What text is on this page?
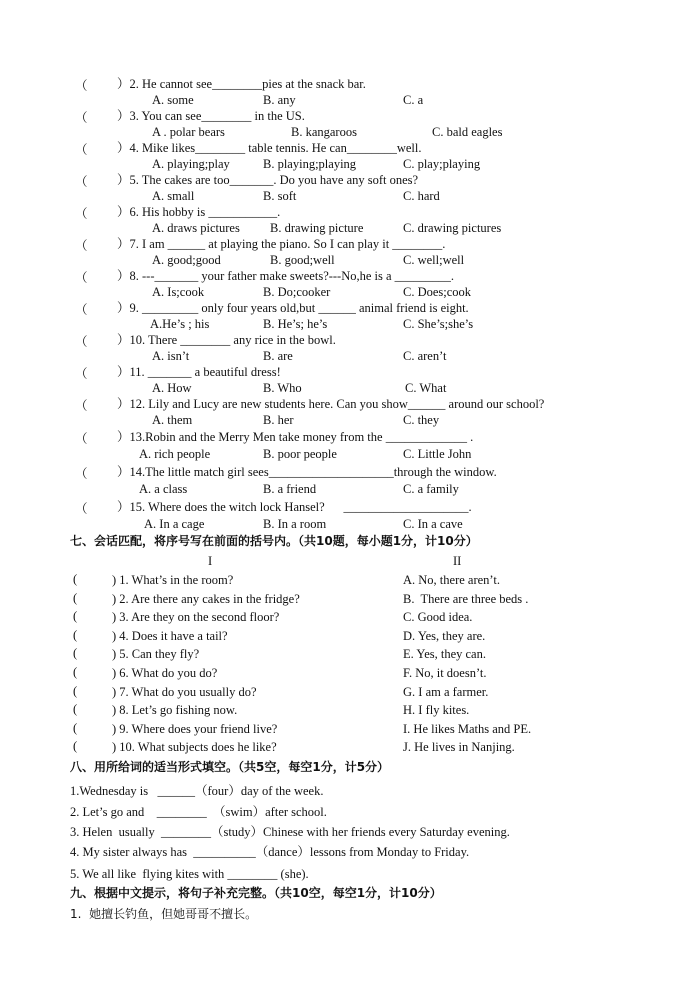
（ ）2. He cannot see________pies at the snack bar.
A. some	B. any	C. a
（ ）3. You can see________ in the US.
A . polar bears	B. kangaroos	C. bald eagles
（ ）4. Mike likes________ table tennis. He can________well.
A. playing;play	B. playing;playing	C. play;playing
（ ）5. The cakes are too_______. Do you have any soft ones?
A. small	B. soft	C. hard
（ ）6. His hobby is ___________.
A. draws pictures B. drawing picture	C. drawing pictures
（ ）7. I am ______ at playing the piano. So I can play it ________.
A. good;good	B. good;well	C. well;well
（ ）8. ---_______ your father make sweets?---No,he is a _________.
A. Is;cook	B. Do;cooker	C. Does;cook
（ ）9. _________ only four years old,but ______ animal friend is eight.
A.He’s ; his	B. He’s; he’s	C. She’s;she’s
（ ）10. There ________ any rice in the bowl.
A. isn’t	B. are	C. aren’t
（ ）11. _______ a beautiful dress!
A. How	B. Who	C. What
（ ）12. Lily and Lucy are new students here. Can you show______ around our school?
A. them	B. her	C. they
（ ）13.Robin and the Merry Men take money from the _____________ .
A. rich people	B. poor people	C. Little John
（ ）14.The little match girl sees____________________through the window.
A. a class	B. a friend	C. a family
（ ）15. Where does the witch lock Hansel?      ____________________.
A. In a cage	B. In a room	C. In a cave
七、会话匹配，将序号写在前面的括号内。（共10题，每小题1分，计10分）
I	II
(	) 1. What’s in the room?	A. No, there aren’t.
(	) 2. Are there any cakes in the fridge?	B.  There are three beds .
(	) 3. Are they on the second floor?	C. Good idea.
(	) 4. Does it have a tail?	D. Yes, they are.
(	) 5. Can they fly?	E. Yes, they can.
(	) 6. What do you do?	F. No, it doesn’t.
(	) 7. What do you usually do?	G. I am a farmer.
(	) 8. Let’s go fishing now.	H. I fly kites.
(	) 9. Where does your friend live?	I. He likes Maths and PE.
(	) 10. What subjects does he like?	J. He lives in Nanjing.
八、用所给词的适当形式填空。（共5空，每空1分，计5分）
1.Wednesday is   ______（four）day of the week.
2. Let’s go and    ________  （swim）after school.
3. Helen  usually  ________（study）Chinese with her friends every Saturday evening.
4. My sister always has  __________（dance）lessons from Monday to Friday.
5. We all like  flying kites with ________ (she).
九、根据中文提示，将句子补充完整。（共10空，每空1分，计10分）
1.  她擅长钓鱼，但她哥哥不擅长。
